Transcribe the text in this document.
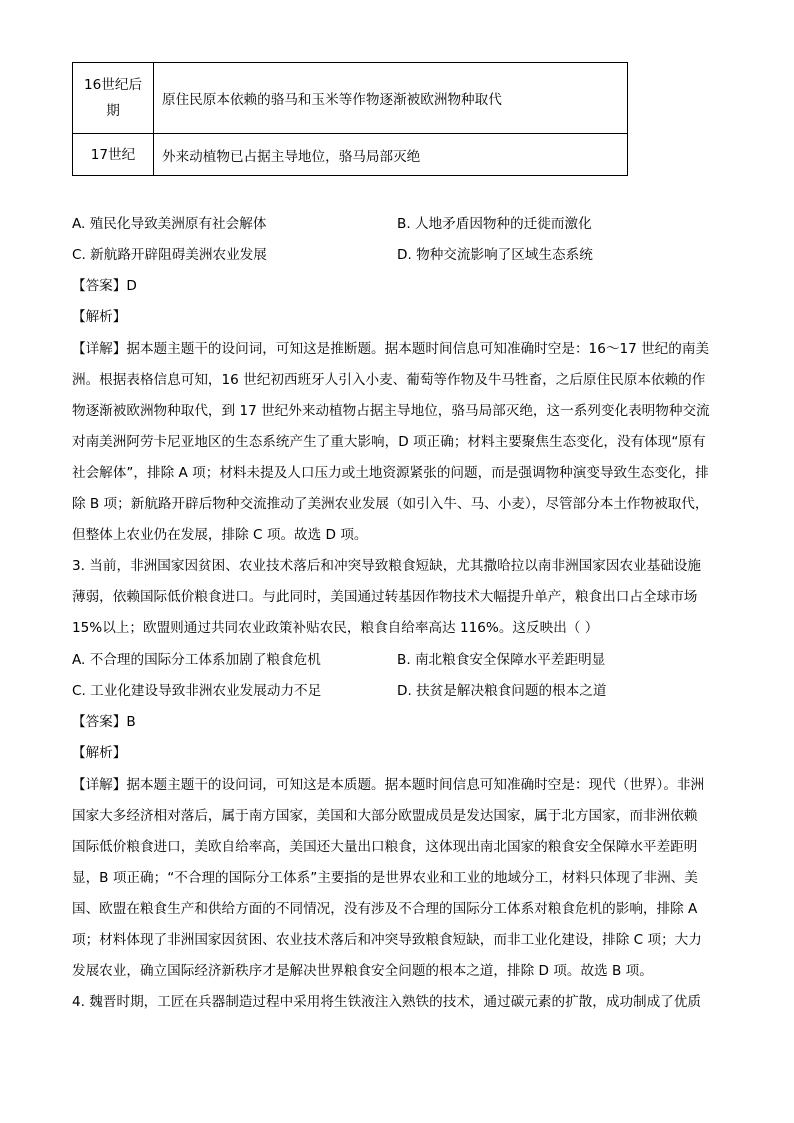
16世纪后
期	原住民原本依赖的骆马和玉米等作物逐渐被欧洲物种取代
17世纪	外来动植物已占据主导地位，骆马局部灭绝
A. 殖民化导致美洲原有社会解体	B. 人地矛盾因物种的迁徙而激化
C. 新航路开辟阻碍美洲农业发展	D. 物种交流影响了区域生态系统
【答案】D
【解析】
【详解】据本题主题干的设问词，可知这是推断题。据本题时间信息可知准确时空是：16～17 世纪的南美
洲。根据表格信息可知，16 世纪初西班牙人引入小麦、葡萄等作物及牛马牲畜，之后原住民原本依赖的作
物逐渐被欧洲物种取代，到 17 世纪外来动植物占据主导地位，骆马局部灭绝，这一系列变化表明物种交流
对南美洲阿劳卡尼亚地区的生态系统产生了重大影响，D 项正确；材料主要聚焦生态变化，没有体现“原有
社会解体”，排除 A 项；材料未提及人口压力或土地资源紧张的问题，而是强调物种演变导致生态变化，排
除 B 项；新航路开辟后物种交流推动了美洲农业发展（如引入牛、马、小麦），尽管部分本土作物被取代，
但整体上农业仍在发展，排除 C 项。故选 D 项。
3. 当前，非洲国家因贫困、农业技术落后和冲突导致粮食短缺，尤其撒哈拉以南非洲国家因农业基础设施
薄弱，依赖国际低价粮食进口。与此同时，美国通过转基因作物技术大幅提升单产，粮食出口占全球市场
15%以上；欧盟则通过共同农业政策补贴农民，粮食自给率高达 116%。这反映出（ ）
A. 不合理的国际分工体系加剧了粮食危机	B. 南北粮食安全保障水平差距明显
C. 工业化建设导致非洲农业发展动力不足	D. 扶贫是解决粮食问题的根本之道
【答案】B
【解析】
【详解】据本题主题干的设问词，可知这是本质题。据本题时间信息可知准确时空是：现代（世界）。非洲
国家大多经济相对落后，属于南方国家，美国和大部分欧盟成员是发达国家，属于北方国家，而非洲依赖
国际低价粮食进口，美欧自给率高，美国还大量出口粮食，这体现出南北国家的粮食安全保障水平差距明
显，B 项正确；“不合理的国际分工体系”主要指的是世界农业和工业的地域分工，材料只体现了非洲、美
国、欧盟在粮食生产和供给方面的不同情况，没有涉及不合理的国际分工体系对粮食危机的影响，排除 A
项；材料体现了非洲国家因贫困、农业技术落后和冲突导致粮食短缺，而非工业化建设，排除 C 项；大力
发展农业，确立国际经济新秩序才是解决世界粮食安全问题的根本之道，排除 D 项。故选 B 项。
4. 魏晋时期，工匠在兵器制造过程中采用将生铁液注入熟铁的技术，通过碳元素的扩散，成功制成了优质
